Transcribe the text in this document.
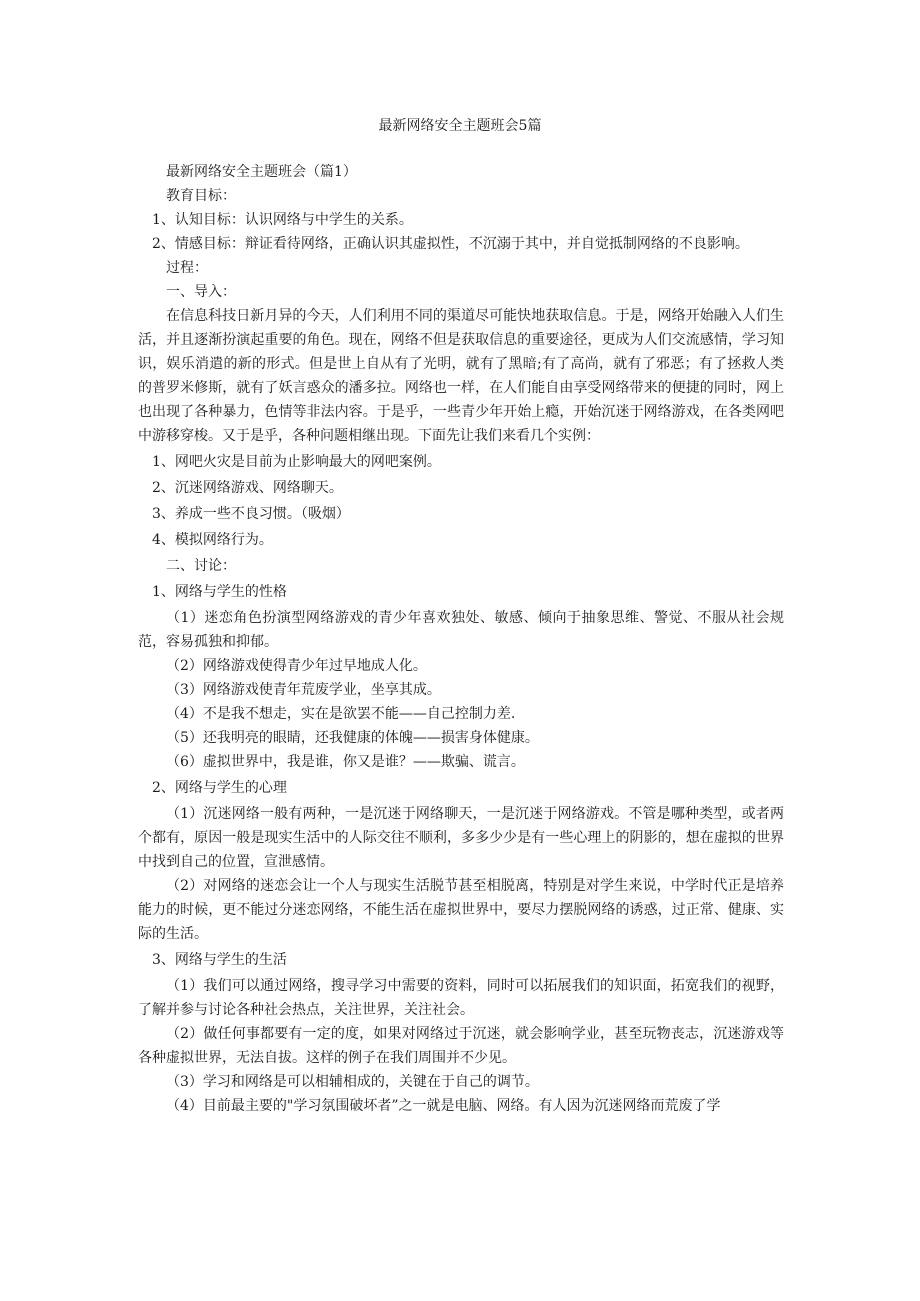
最新网络安全主题班会5篇

最新网络安全主题班会（篇1）

教育目标：

1、认知目标：认识网络与中学生的关系。

2、情感目标：辩证看待网络，正确认识其虚拟性，不沉溺于其中，并自觉抵制网络的不良影响。

过程：

一、导入：

在信息科技日新月异的今天，人们利用不同的渠道尽可能快地获取信息。于是，网络开始融入人们生活，并且逐渐扮演起重要的角色。现在，网络不但是获取信息的重要途径，更成为人们交流感情，学习知识，娱乐消遣的新的形式。但是世上自从有了光明，就有了黑暗;有了高尚，就有了邪恶；有了拯救人类的普罗米修斯，就有了妖言惑众的潘多拉。网络也一样，在人们能自由享受网络带来的便捷的同时，网上也出现了各种暴力，色情等非法内容。于是乎，一些青少年开始上瘾，开始沉迷于网络游戏，在各类网吧中游移穿梭。又于是乎，各种问题相继出现。下面先让我们来看几个实例：

1、网吧火灾是目前为止影响最大的网吧案例。

2、沉迷网络游戏、网络聊天。

3、养成一些不良习惯。（吸烟）

4、模拟网络行为。

二、讨论：

1、网络与学生的性格

（1）迷恋角色扮演型网络游戏的青少年喜欢独处、敏感、倾向于抽象思维、警觉、不服从社会规范，容易孤独和抑郁。

（2）网络游戏使得青少年过早地成人化。

（3）网络游戏使青年荒废学业，坐享其成。

（4）不是我不想走，实在是欲罢不能——自己控制力差.

（5）还我明亮的眼睛，还我健康的体魄——损害身体健康。

（6）虚拟世界中，我是谁，你又是谁？——欺骗、谎言。

2、网络与学生的心理

（1）沉迷网络一般有两种，一是沉迷于网络聊天，一是沉迷于网络游戏。不管是哪种类型，或者两个都有，原因一般是现实生活中的人际交往不顺利，多多少少是有一些心理上的阴影的，想在虚拟的世界中找到自己的位置，宣泄感情。

（2）对网络的迷恋会让一个人与现实生活脱节甚至相脱离，特别是对学生来说，中学时代正是培养能力的时候，更不能过分迷恋网络，不能生活在虚拟世界中，要尽力摆脱网络的诱惑，过正常、健康、实际的生活。

3、网络与学生的生活

（1）我们可以通过网络，搜寻学习中需要的资料，同时可以拓展我们的知识面，拓宽我们的视野，了解并参与讨论各种社会热点，关注世界，关注社会。

（2）做任何事都要有一定的度，如果对网络过于沉迷，就会影响学业，甚至玩物丧志，沉迷游戏等各种虚拟世界，无法自拔。这样的例子在我们周围并不少见。

（3）学习和网络是可以相辅相成的，关键在于自己的调节。

（4）目前最主要的"学习氛围破坏者”之一就是电脑、网络。有人因为沉迷网络而荒废了学
